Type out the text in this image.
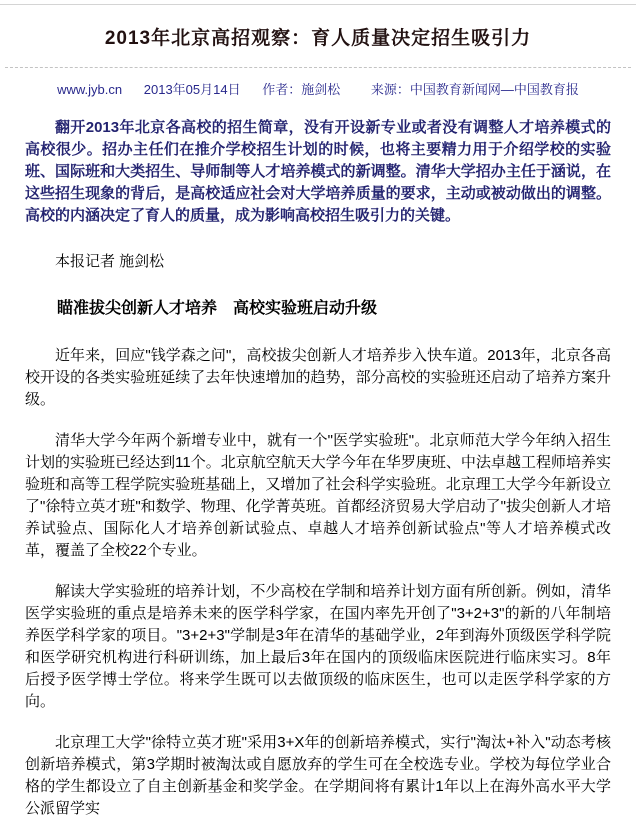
2013年北京高招观察：育人质量决定招生吸引力
www.jyb.cn 2013年05月14日 作者：施剑松 来源：中国教育新闻网—中国教育报

翻开2013年北京各高校的招生简章，没有开设新专业或者没有调整人才培养模式的高校很少。招办主任们在推介学校招生计划的时候，也将主要精力用于介绍学校的实验班、国际班和大类招生、导师制等人才培养模式的新调整。清华大学招办主任于涵说，在这些招生现象的背后，是高校适应社会对大学培养质量的要求，主动或被动做出的调整。高校的内涵决定了育人的质量，成为影响高校招生吸引力的关键。

本报记者 施剑松

瞄准拔尖创新人才培养　高校实验班启动升级

近年来，回应"钱学森之问"，高校拔尖创新人才培养步入快车道。2013年，北京各高校开设的各类实验班延续了去年快速增加的趋势，部分高校的实验班还启动了培养方案升级。

清华大学今年两个新增专业中，就有一个"医学实验班"。北京师范大学今年纳入招生计划的实验班已经达到11个。北京航空航天大学今年在华罗庚班、中法卓越工程师培养实验班和高等工程学院实验班基础上，又增加了社会科学实验班。北京理工大学今年新设立了"徐特立英才班"和数学、物理、化学菁英班。首都经济贸易大学启动了"拔尖创新人才培养试验点、国际化人才培养创新试验点、卓越人才培养创新试验点"等人才培养模式改革，覆盖了全校22个专业。

解读大学实验班的培养计划，不少高校在学制和培养计划方面有所创新。例如，清华医学实验班的重点是培养未来的医学科学家，在国内率先开创了"3+2+3"的新的八年制培养医学科学家的项目。"3+2+3"学制是3年在清华的基础学业，2年到海外顶级医学科学院和医学研究机构进行科研训练，加上最后3年在国内的顶级临床医院进行临床实习。8年后授予医学博士学位。将来学生既可以去做顶级的临床医生，也可以走医学科学家的方向。

北京理工大学"徐特立英才班"采用3+X年的创新培养模式，实行"淘汰+补入"动态考核创新培养模式，第3学期时被淘汰或自愿放弃的学生可在全校选专业。学校为每位学业合格的学生都设立了自主创新基金和奖学金。在学期间将有累计1年以上在海外高水平大学公派留学实
